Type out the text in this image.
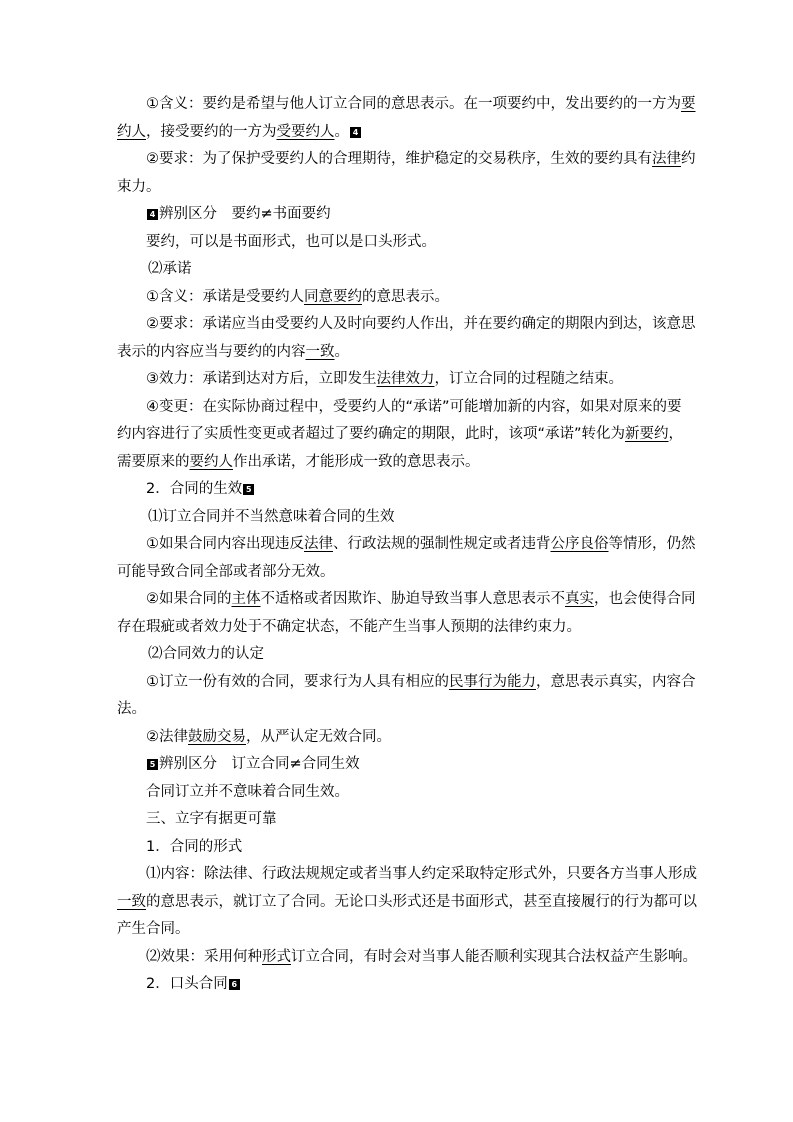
①含义：要约是希望与他人订立合同的意思表示。在一项要约中，发出要约的一方为要
约人，接受要约的一方为受要约人。 4
②要求：为了保护受要约人的合理期待，维护稳定的交易秩序，生效的要约具有法律约
束力。
4 辨别区分　要约≠书面要约
要约，可以是书面形式，也可以是口头形式。
⑵承诺
①含义：承诺是受要约人同意要约的意思表示。
②要求：承诺应当由受要约人及时向要约人作出，并在要约确定的期限内到达，该意思
表示的内容应当与要约的内容一致。
③效力：承诺到达对方后，立即发生法律效力，订立合同的过程随之结束。
④变更：在实际协商过程中，受要约人的“承诺”可能增加新的内容，如果对原来的要
约内容进行了实质性变更或者超过了要约确定的期限，此时，该项“承诺”转化为新要约，
需要原来的要约人作出承诺，才能形成一致的意思表示。
2．合同的生效 5
⑴订立合同并不当然意味着合同的生效
①如果合同内容出现违反法律、行政法规的强制性规定或者违背公序良俗等情形，仍然
可能导致合同全部或者部分无效。
②如果合同的主体不适格或者因欺诈、胁迫导致当事人意思表示不真实，也会使得合同
存在瑕疵或者效力处于不确定状态，不能产生当事人预期的法律约束力。
⑵合同效力的认定
①订立一份有效的合同，要求行为人具有相应的民事行为能力，意思表示真实，内容合
法。
②法律鼓励交易，从严认定无效合同。
5 辨别区分　订立合同≠合同生效
合同订立并不意味着合同生效。
三、立字有据更可靠
1．合同的形式
⑴内容：除法律、行政法规规定或者当事人约定采取特定形式外，只要各方当事人形成
一致的意思表示，就订立了合同。无论口头形式还是书面形式，甚至直接履行的行为都可以
产生合同。
⑵效果：采用何种形式订立合同，有时会对当事人能否顺利实现其合法权益产生影响。
2．口头合同 6
